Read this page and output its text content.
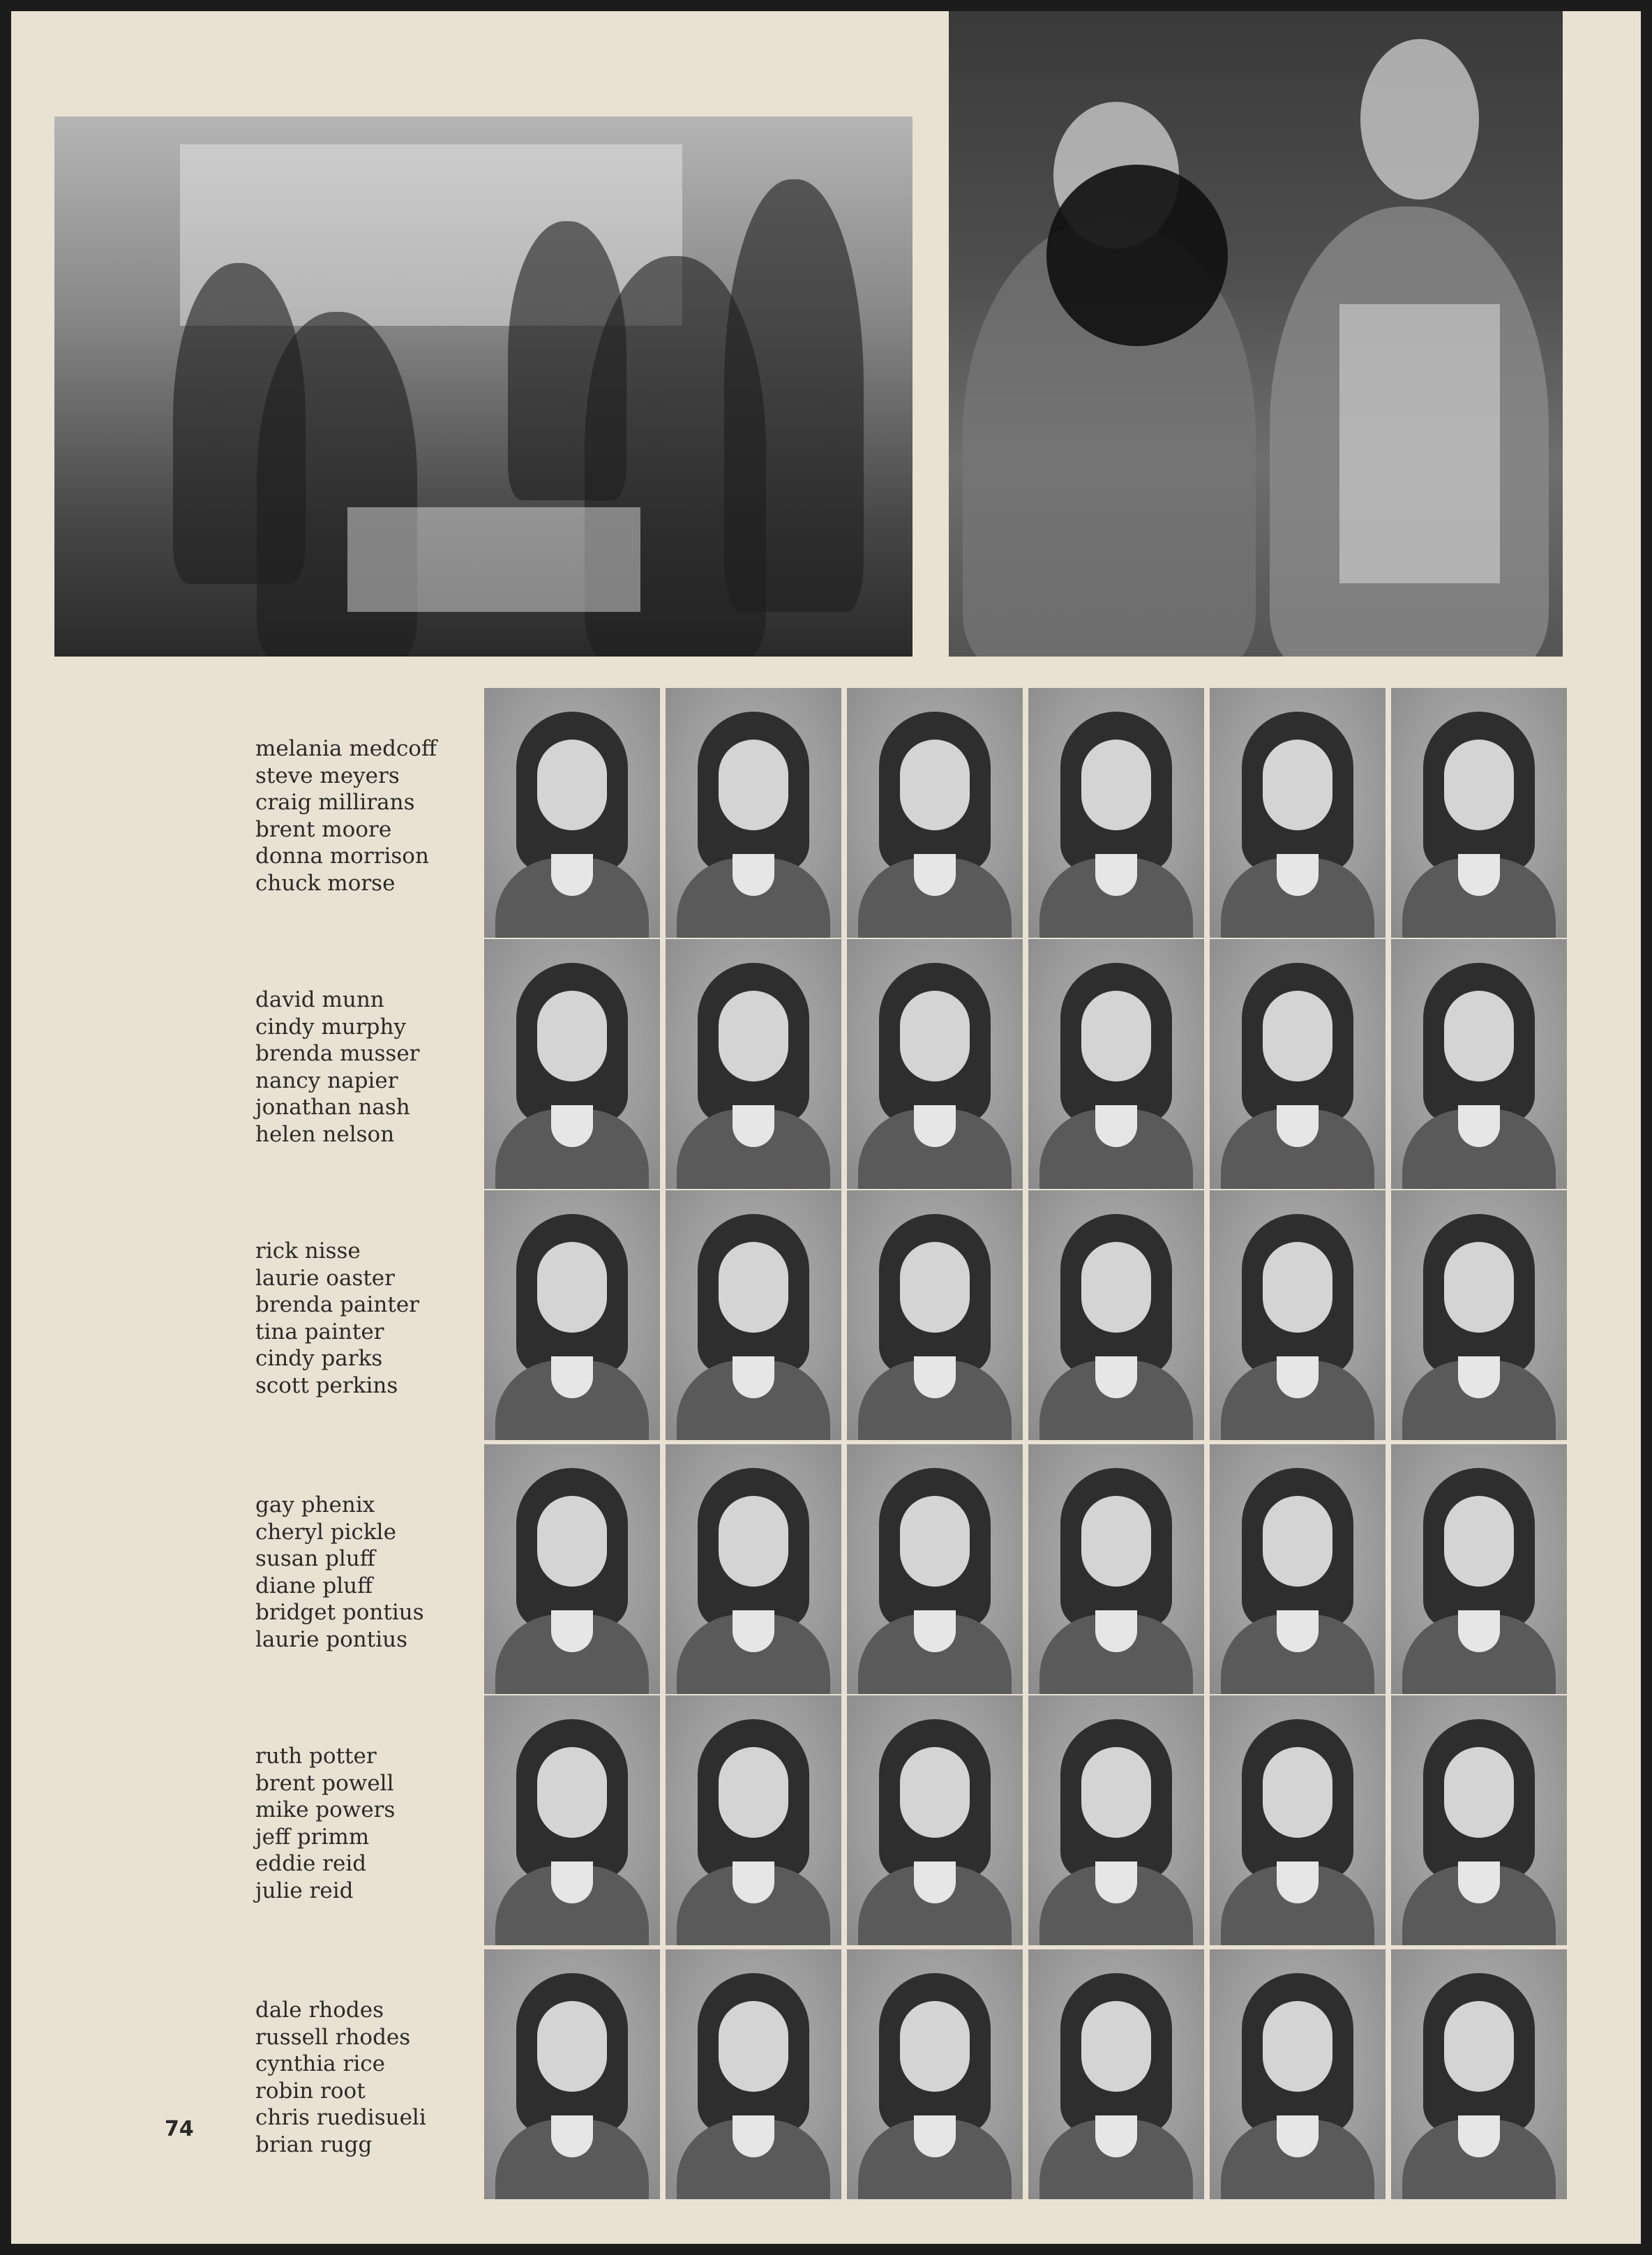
melania medcoff
steve meyers
craig millirans
brent moore
donna morrison
chuck morse
david munn
cindy murphy
brenda musser
nancy napier
jonathan nash
helen nelson
rick nisse
laurie oaster
brenda painter
tina painter
cindy parks
scott perkins
gay phenix
cheryl pickle
susan pluff
diane pluff
bridget pontius
laurie pontius
ruth potter
brent powell
mike powers
jeff primm
eddie reid
julie reid
dale rhodes
russell rhodes
cynthia rice
robin root
chris ruedisueli
brian rugg
74
